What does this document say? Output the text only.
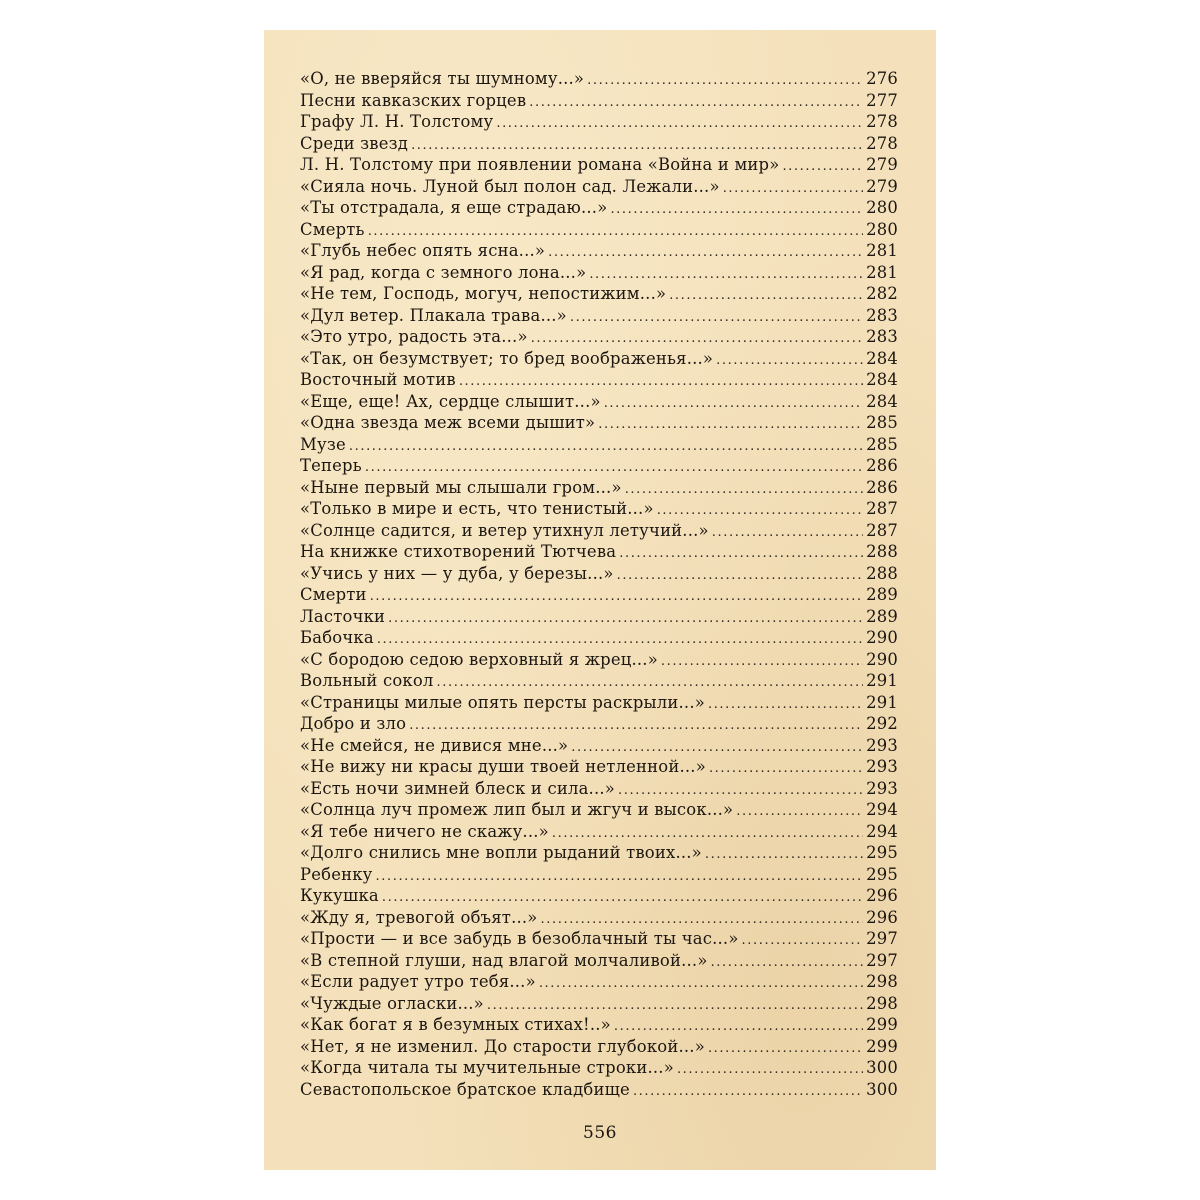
«О, не вверяйся ты шумному...» .....	276
Песни кавказских горцев .....	277
Графу Л. Н. Толстому .....	278
Среди звезд .....	278
Л. Н. Толстому при появлении романа «Война и мир» .....	279
«Сияла ночь. Луной был полон сад. Лежали...» .....	279
«Ты отстрадала, я еще страдаю...» .....	280
Смерть .....	280
«Глубь небес опять ясна...» .....	281
«Я рад, когда с земного лона...» .....	281
«Не тем, Господь, могуч, непостижим...» .....	282
«Дул ветер. Плакала трава...» .....	283
«Это утро, радость эта...» .....	283
«Так, он безумствует; то бред воображенья...» .....	284
Восточный мотив .....	284
«Еще, еще! Ах, сердце слышит...» .....	284
«Одна звезда меж всеми дышит» .....	285
Музе .....	285
Теперь .....	286
«Ныне первый мы слышали гром...» .....	286
«Только в мире и есть, что тенистый...» .....	287
«Солнце садится, и ветер утихнул летучий...» .....	287
На книжке стихотворений Тютчева .....	288
«Учись у них — у дуба, у березы...» .....	288
Смерти .....	289
Ласточки .....	289
Бабочка .....	290
«С бородою седою верховный я жрец...» .....	290
Вольный сокол .....	291
«Страницы милые опять персты раскрыли...» .....	291
Добро и зло .....	292
«Не смейся, не дивися мне...» .....	293
«Не вижу ни красы души твоей нетленной...» .....	293
«Есть ночи зимней блеск и сила...» .....	293
«Солнца луч промеж лип был и жгуч и высок...» .....	294
«Я тебе ничего не скажу...» .....	294
«Долго снились мне вопли рыданий твоих...» .....	295
Ребенку .....	295
Кукушка .....	296
«Жду я, тревогой объят...» .....	296
«Прости — и все забудь в безоблачный ты час...» .....	297
«В степной глуши, над влагой молчаливой...» .....	297
«Если радует утро тебя...» .....	298
«Чуждые огласки...» .....	298
«Как богат я в безумных стихах!..» .....	299
«Нет, я не изменил. До старости глубокой...» .....	299
«Когда читала ты мучительные строки...» .....	300
Севастопольское братское кладбище .....	300
556
